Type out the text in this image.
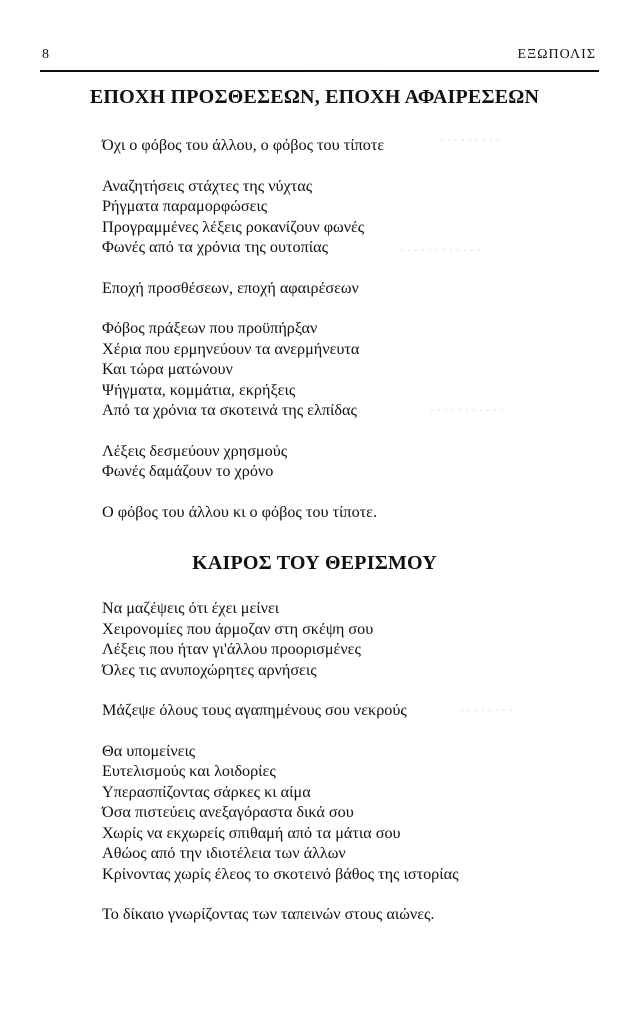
. . . . . . . . . . . .
. . . . . . . . .
. . . . . . . . . . . .
. . . . . . . . . . .
. . . . . . . .
8	ΕΞΩΠΟΛΙΣ
ΕΠΟΧΗ ΠΡΟΣΘΕΣΕΩΝ, ΕΠΟΧΗ ΑΦΑΙΡΕΣΕΩΝ
Όχι ο φόβος του άλλου, ο φόβος του τίποτε
Αναζητήσεις στάχτες της νύχτας
Ρήγματα παραμορφώσεις
Προγραμμένες λέξεις ροκανίζουν φωνές
Φωνές από τα χρόνια της ουτοπίας
Εποχή προσθέσεων, εποχή αφαιρέσεων
Φόβος πράξεων που προϋπήρξαν
Χέρια που ερμηνεύουν τα ανερμήνευτα
Και τώρα ματώνουν
Ψήγματα, κομμάτια, εκρήξεις
Από τα χρόνια τα σκοτεινά της ελπίδας
Λέξεις δεσμεύουν χρησμούς
Φωνές δαμάζουν το χρόνο
Ο φόβος του άλλου κι ο φόβος του τίποτε.
ΚΑΙΡΟΣ ΤΟΥ ΘΕΡΙΣΜΟΥ
Να μαζέψεις ότι έχει μείνει
Χειρονομίες που άρμοζαν στη σκέψη σου
Λέξεις που ήταν γι'άλλου προορισμένες
Όλες τις ανυποχώρητες αρνήσεις
Μάζεψε όλους τους αγαπημένους σου νεκρούς
Θα υπομείνεις
Ευτελισμούς και λοιδορίες
Υπερασπίζοντας σάρκες κι αίμα
Όσα πιστεύεις ανεξαγόραστα δικά σου
Χωρίς να εκχωρείς σπιθαμή από τα μάτια σου
Αθώος από την ιδιοτέλεια των άλλων
Κρίνοντας χωρίς έλεος το σκοτεινό βάθος της ιστορίας
Το δίκαιο γνωρίζοντας των ταπεινών στους αιώνες.
